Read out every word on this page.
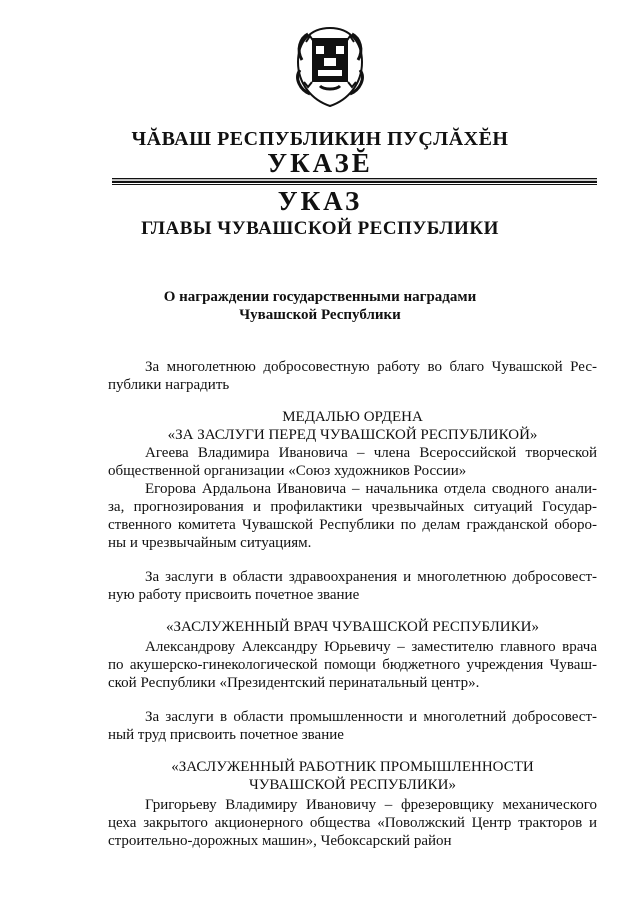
ЧĂВАШ РЕСПУБЛИКИН ПУÇЛĂХĔН
УКАЗĔ
УКАЗ
ГЛАВЫ ЧУВАШСКОЙ РЕСПУБЛИКИ
О награждении государственными наградами
Чувашской Республики
За многолетнюю добросовестную работу во благо Чувашской Рес-
публики наградить
МЕДАЛЬЮ ОРДЕНА
«ЗА ЗАСЛУГИ ПЕРЕД ЧУВАШСКОЙ РЕСПУБЛИКОЙ»
Агеева Владимира Ивановича – члена Всероссийской творческой
общественной организации «Союз художников России»
Егорова Ардальона Ивановича – начальника отдела сводного анали-
за, прогнозирования и профилактики чрезвычайных ситуаций Государ-
ственного комитета Чувашской Республики по делам гражданской оборо-
ны и чрезвычайным ситуациям.
За заслуги в области здравоохранения и многолетнюю добросовест-
ную работу присвоить почетное звание
«ЗАСЛУЖЕННЫЙ ВРАЧ ЧУВАШСКОЙ РЕСПУБЛИКИ»
Александрову Александру Юрьевичу – заместителю главного врача
по акушерско-гинекологической помощи бюджетного учреждения Чуваш-
ской Республики «Президентский перинатальный центр».
За заслуги в области промышленности и многолетний добросовест-
ный труд присвоить почетное звание
«ЗАСЛУЖЕННЫЙ РАБОТНИК ПРОМЫШЛЕННОСТИ
ЧУВАШСКОЙ РЕСПУБЛИКИ»
Григорьеву Владимиру Ивановичу – фрезеровщику механического
цеха закрытого акционерного общества «Поволжский Центр тракторов и
строительно-дорожных машин», Чебоксарский район
